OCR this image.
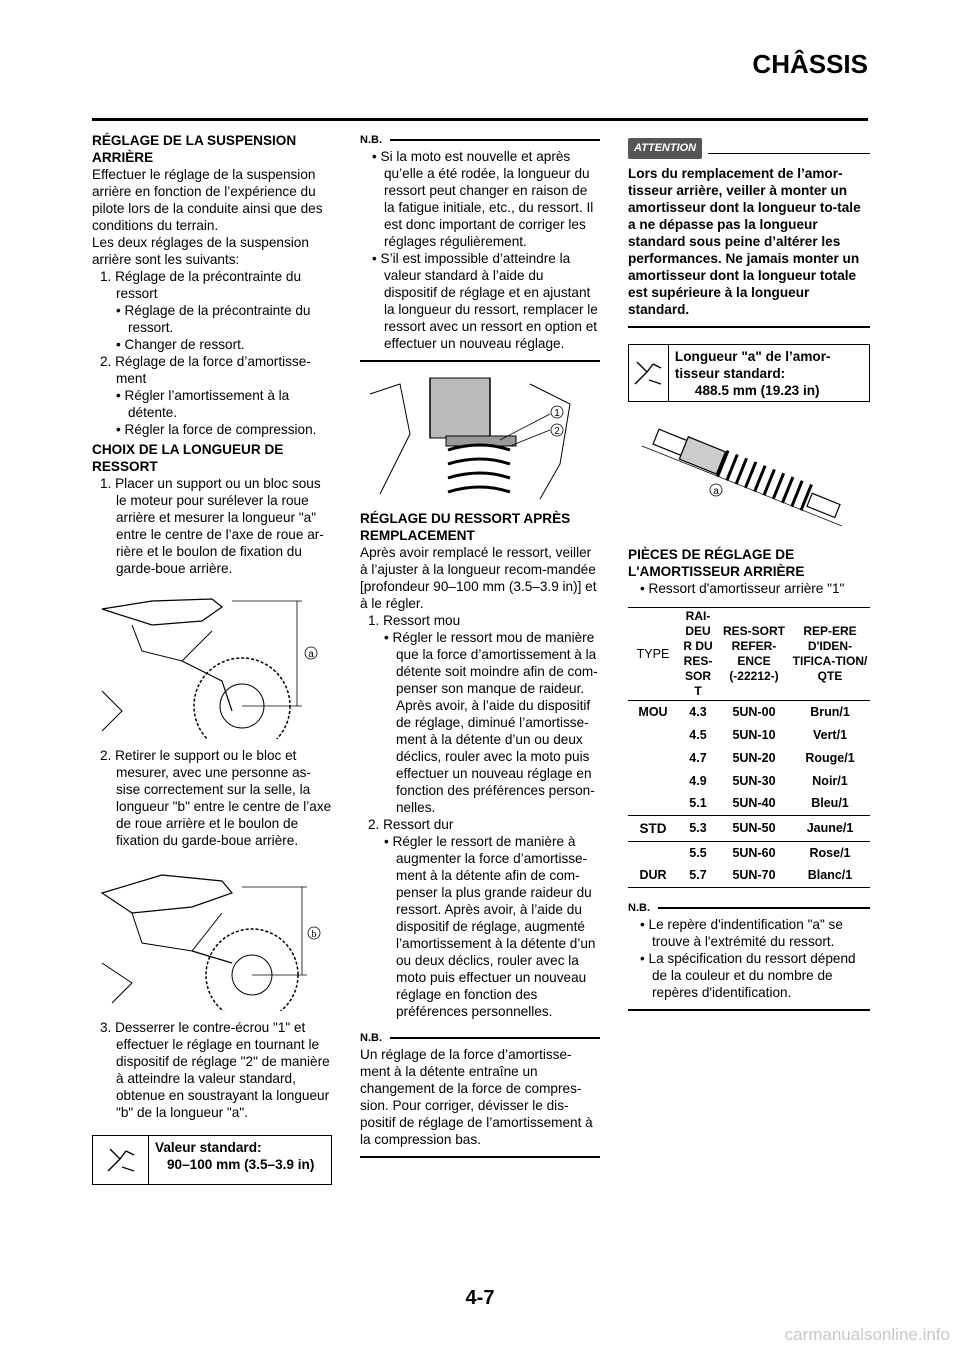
CHÂSSIS
RÉGLAGE DE LA SUSPENSION ARRIÈRE
Effectuer le réglage de la suspension arrière en fonction de l’expérience du pilote lors de la conduite ainsi que des conditions du terrain.
Les deux réglages de la suspension arrière sont les suivants:
1. Réglage de la précontrainte du ressort
• Réglage de la précontrainte du ressort.
• Changer de ressort.
2. Réglage de la force d’amortisse-ment
• Régler l’amortissement à la détente.
• Régler la force de compression.
CHOIX DE LA LONGUEUR DE RESSORT
1. Placer un support ou un bloc sous le moteur pour surélever la roue arrière et mesurer la longueur "a" entre le centre de l’axe de roue ar-rière et le boulon de fixation du garde-boue arrière.
a
2. Retirer le support ou le bloc et mesurer, avec une personne as-sise correctement sur la selle, la longueur "b" entre le centre de l’axe de roue arrière et le boulon de fixation du garde-boue arrière.
b
3. Desserrer le contre-écrou "1" et effectuer le réglage en tournant le dispositif de réglage "2" de manière à atteindre la valeur standard, obtenue en soustrayant la longueur "b" de la longueur "a".
Valeur standard:
90–100 mm (3.5–3.9 in)
N.B.
• Si la moto est nouvelle et après qu’elle a été rodée, la longueur du ressort peut changer en raison de la fatigue initiale, etc., du ressort. Il est donc important de corriger les réglages régulièrement.
• S’il est impossible d’atteindre la valeur standard à l’aide du dispositif de réglage et en ajustant la longueur du ressort, remplacer le ressort avec un ressort en option et effectuer un nouveau réglage.
1
2
RÉGLAGE DU RESSORT APRÈS REMPLACEMENT
Après avoir remplacé le ressort, veiller à l’ajuster à la longueur recom-mandée [profondeur 90–100 mm (3.5–3.9 in)] et à le régler.
1. Ressort mou
• Régler le ressort mou de manière que la force d’amortissement à la détente soit moindre afin de com-penser son manque de raideur. Après avoir, à l’aide du dispositif de réglage, diminué l’amortisse-ment à la détente d’un ou deux déclics, rouler avec la moto puis effectuer un nouveau réglage en fonction des préférences person-nelles.
2. Ressort dur
• Régler le ressort de manière à augmenter la force d’amortisse-ment à la détente afin de com-penser la plus grande raideur du ressort. Après avoir, à l’aide du dispositif de réglage, augmenté l’amortissement à la détente d’un ou deux déclics, rouler avec la moto puis effectuer un nouveau réglage en fonction des préférences personnelles.
N.B.
Un réglage de la force d’amortisse-ment à la détente entraîne un changement de la force de compres-sion. Pour corriger, dévisser le dis-positif de réglage de l’amortissement à la compression bas.
ATTENTION
Lors du remplacement de l’amor-tisseur arrière, veiller à monter un amortisseur dont la longueur to-tale a ne dépasse pas la longueur standard sous peine d’altérer les performances. Ne jamais monter un amortisseur dont la longueur totale est supérieure à la longueur standard.
Longueur "a" de l’amor-tisseur standard:
488.5 mm (19.23 in)
a
PIÈCES DE RÉGLAGE DE L'AMORTISSEUR ARRIÈRE
• Ressort d'amortisseur arrière "1"
TYPE	RAI-DEU R DU RES-SOR T	RES-SORT REFER-ENCE (-22212-)	REP-ERE D'IDEN-TIFICA-TION/ QTE
MOU	4.3	5UN-00	Brun/1
	4.5	5UN-10	Vert/1
	4.7	5UN-20	Rouge/1
	4.9	5UN-30	Noir/1
	5.1	5UN-40	Bleu/1
STD	5.3	5UN-50	Jaune/1
	5.5	5UN-60	Rose/1
DUR	5.7	5UN-70	Blanc/1
N.B.
• Le repère d'indentification "a" se trouve à l'extrémité du ressort.
• La spécification du ressort dépend de la couleur et du nombre de repères d'identification.
4-7
carmanualsonline.info
